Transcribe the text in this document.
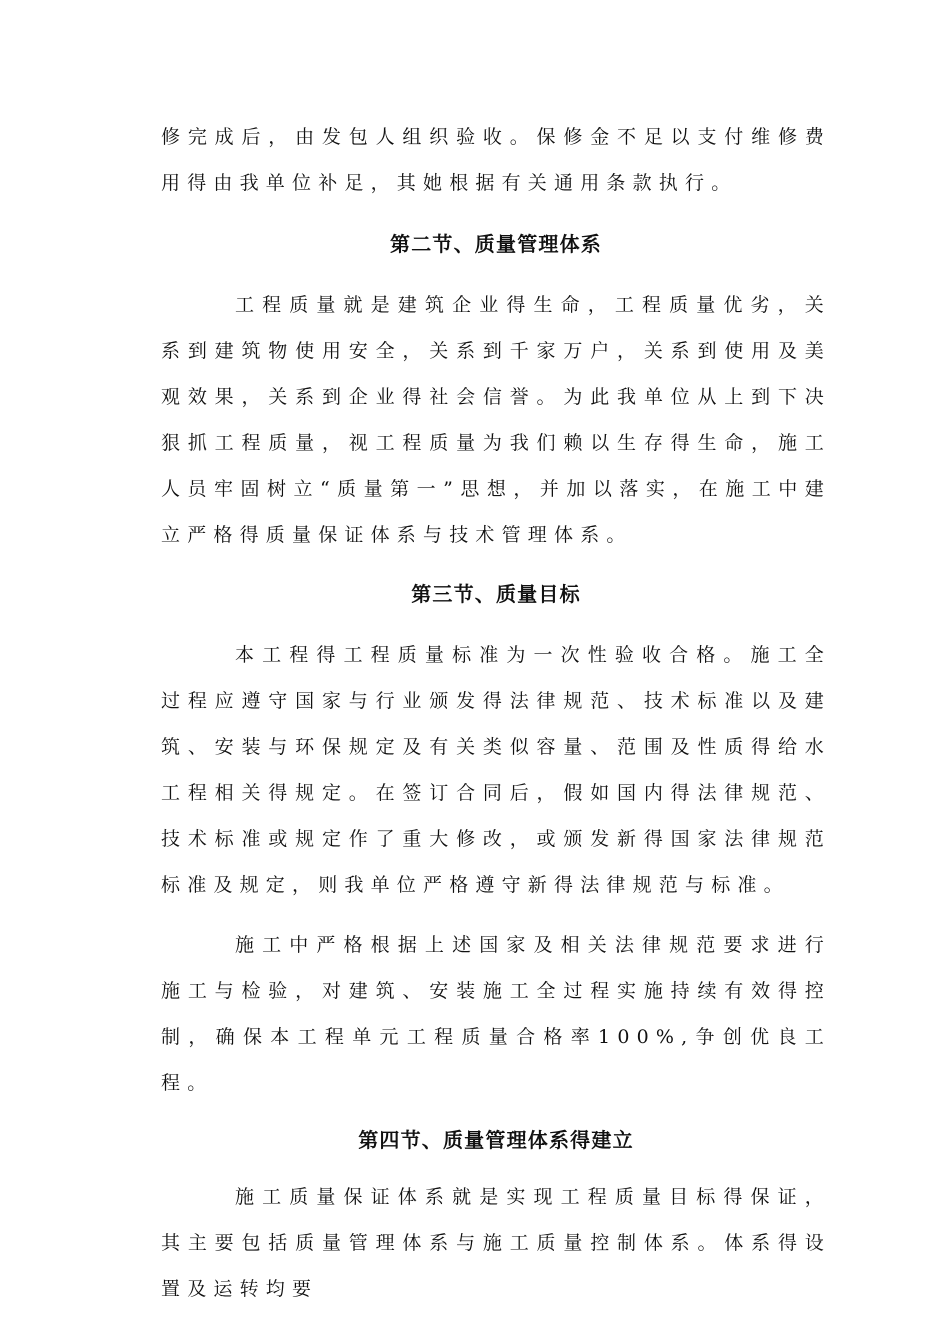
修完成后，由发包人组织验收。保修金不足以支付维修费用得由我单位补足，其她根据有关通用条款执行。

第二节、质量管理体系

工程质量就是建筑企业得生命，工程质量优劣，关系到建筑物使用安全，关系到千家万户，关系到使用及美观效果，关系到企业得社会信誉。为此我单位从上到下决狠抓工程质量，视工程质量为我们赖以生存得生命，施工人员牢固树立“质量第一”思想，并加以落实，在施工中建立严格得质量保证体系与技术管理体系。

第三节、质量目标

本工程得工程质量标准为一次性验收合格。施工全过程应遵守国家与行业颁发得法律规范、技术标准以及建筑、安装与环保规定及有关类似容量、范围及性质得给水工程相关得规定。在签订合同后，假如国内得法律规范、技术标准或规定作了重大修改，或颁发新得国家法律规范标准及规定，则我单位严格遵守新得法律规范与标准。

施工中严格根据上述国家及相关法律规范要求进行施工与检验，对建筑、安装施工全过程实施持续有效得控制，确保本工程单元工程质量合格率100%,争创优良工程。

第四节、质量管理体系得建立

施工质量保证体系就是实现工程质量目标得保证，其主要包括质量管理体系与施工质量控制体系。体系得设置及运转均要
